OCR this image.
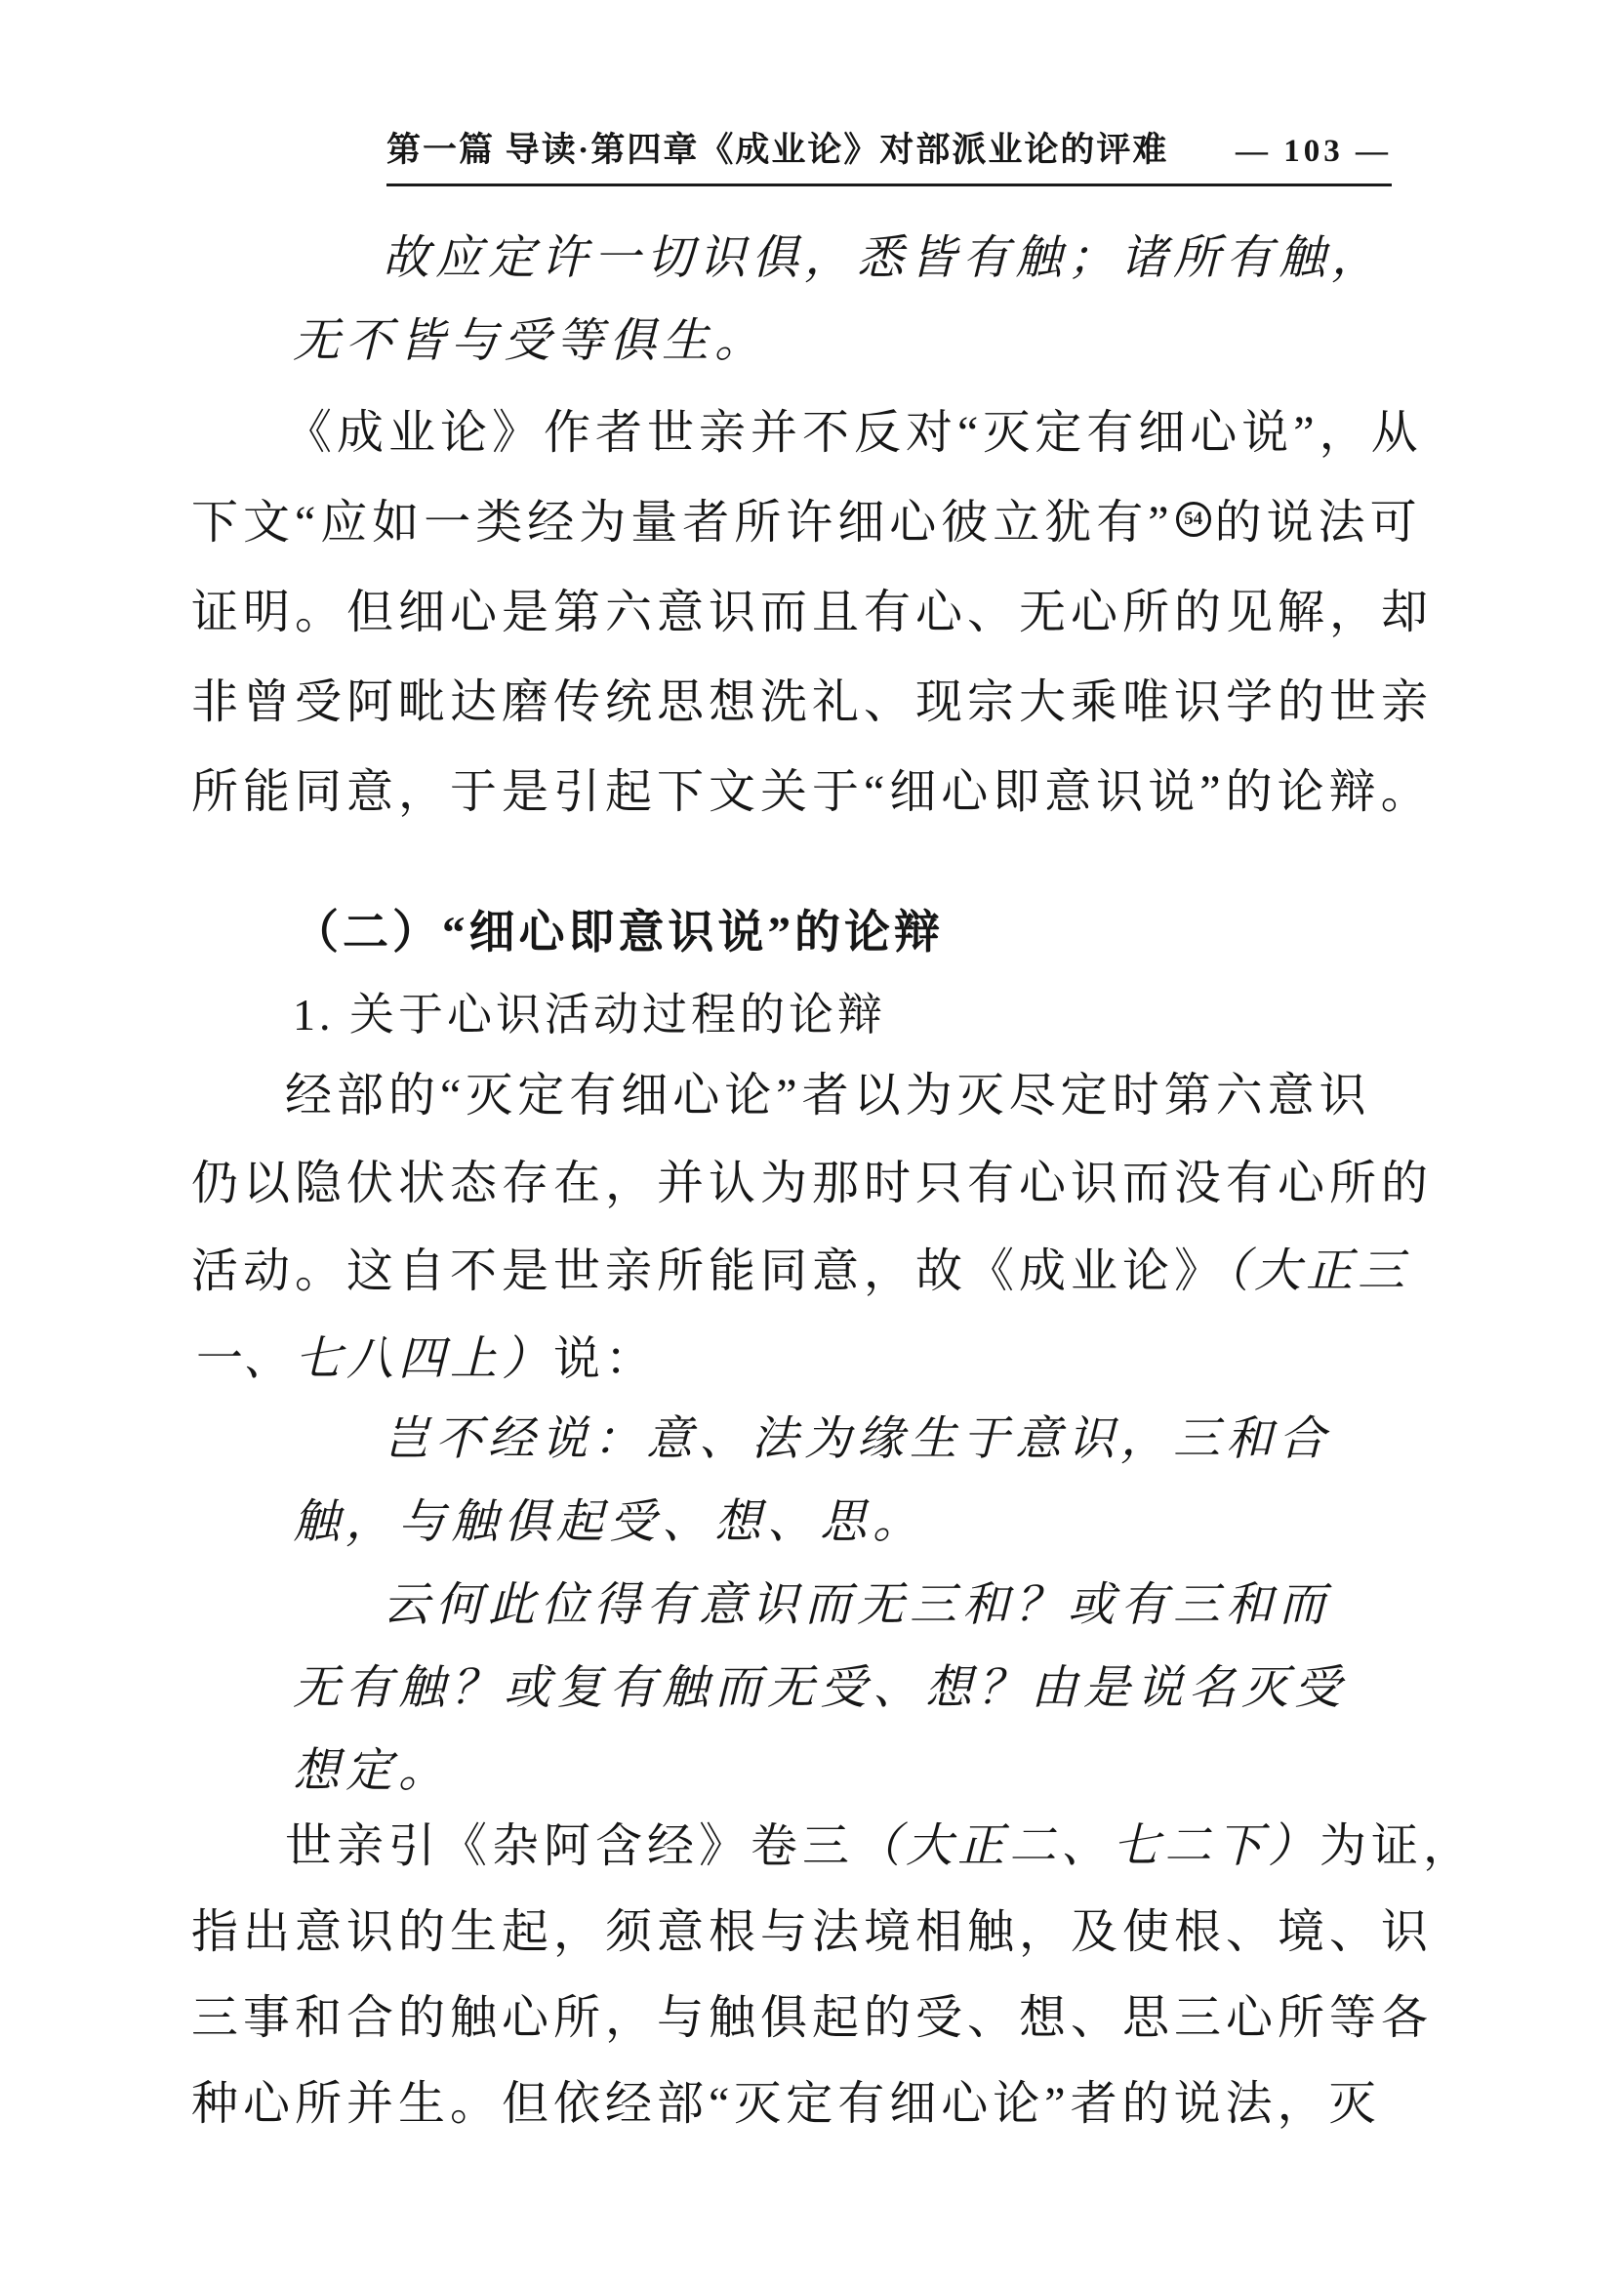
第一篇 导读·第四章《成业论》对部派业论的评难 — 103 —
故应定许一切识俱，悉皆有触；诸所有触，
无不皆与受等俱生。
《成业论》作者世亲并不反对“灭定有细心说”，从
下文“应如一类经为量者所许细心彼立犹有” 54 的说法可
证明。但细心是第六意识而且有心、无心所的见解，却
非曾受阿毗达磨传统思想洗礼、现宗大乘唯识学的世亲
所能同意，于是引起下文关于“细心即意识说”的论辩。
（二）“细心即意识说”的论辩
1. 关于心识活动过程的论辩
经部的“灭定有细心论”者以为灭尽定时第六意识
仍以隐伏状态存在，并认为那时只有心识而没有心所的
活动。这自不是世亲所能同意，故《成业论》（大正三
一、七八四上）说：
岂不经说：意、法为缘生于意识，三和合
触，与触俱起受、想、思。
云何此位得有意识而无三和？或有三和而
无有触？或复有触而无受、想？由是说名灭受
想定。
世亲引《杂阿含经》卷三（大正二、七二下）为证，
指出意识的生起，须意根与法境相触，及使根、境、识
三事和合的触心所，与触俱起的受、想、思三心所等各
种心所并生。但依经部“灭定有细心论”者的说法，灭
